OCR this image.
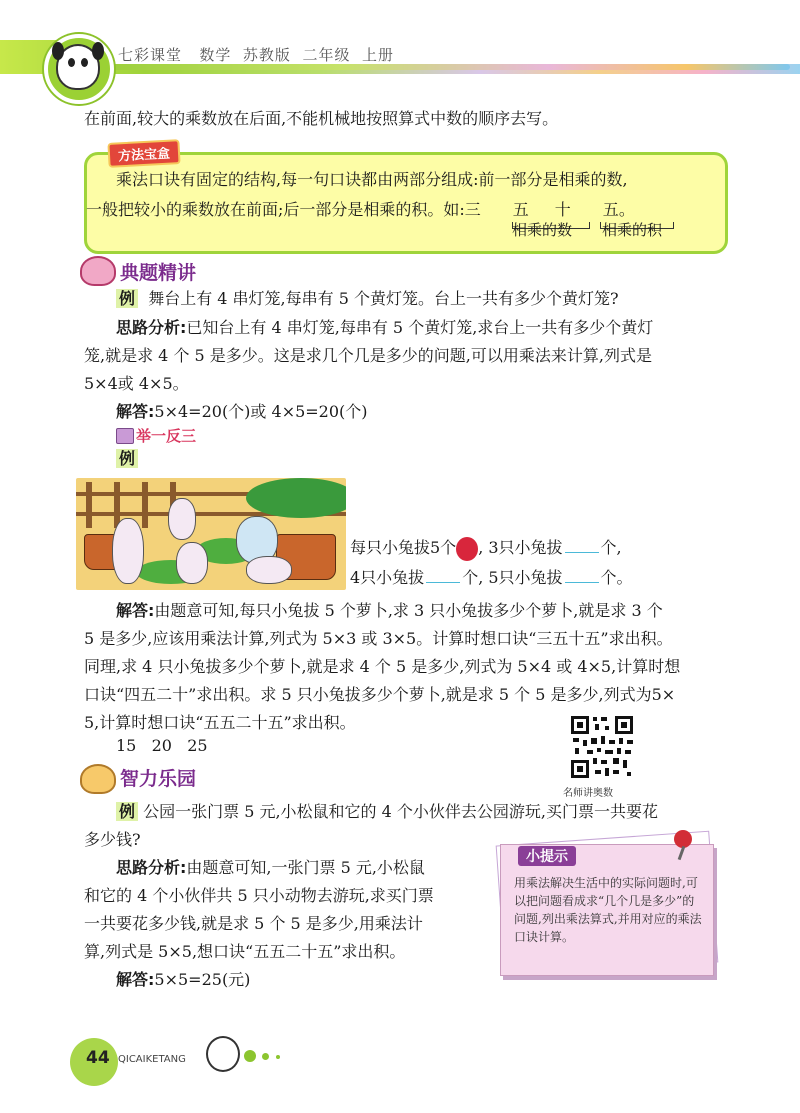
七彩课堂 数学 苏教版 二年级 上册
在前面,较大的乘数放在后面,不能机械地按照算式中数的顺序去写。
方法宝盒
乘法口诀有固定的结构,每一句口诀都由两部分组成:前一部分是相乘的数,
一般把较小的乘数放在前面;后一部分是相乘的积。如:三 五 十 五。
相乘的数 相乘的积
典题精讲
例 舞台上有 4 串灯笼,每串有 5 个黄灯笼。台上一共有多少个黄灯笼?
思路分析:已知台上有 4 串灯笼,每串有 5 个黄灯笼,求台上一共有多少个黄灯
笼,就是求 4 个 5 是多少。这是求几个几是多少的问题,可以用乘法来计算,列式是
5×4或 4×5。
解答:5×4=20(个)或 4×5=20(个)
举一反三
例
每只小兔拔5个 , 3只小兔拔 个,
4只小兔拔 个, 5只小兔拔 个。
解答:由题意可知,每只小兔拔 5 个萝卜,求 3 只小兔拔多少个萝卜,就是求 3 个
5 是多少,应该用乘法计算,列式为 5×3 或 3×5。计算时想口诀“三五十五”求出积。
同理,求 4 只小兔拔多少个萝卜,就是求 4 个 5 是多少,列式为 5×4 或 4×5,计算时想
口诀“四五二十”求出积。求 5 只小兔拔多少个萝卜,就是求 5 个 5 是多少,列式为5×
5,计算时想口诀“五五二十五”求出积。
15   20   25
名师讲奥数
智力乐园
例 公园一张门票 5 元,小松鼠和它的 4 个小伙伴去公园游玩,买门票一共要花
多少钱?
思路分析:由题意可知,一张门票 5 元,小松鼠
和它的 4 个小伙伴共 5 只小动物去游玩,求买门票
一共要花多少钱,就是求 5 个 5 是多少,用乘法计
算,列式是 5×5,想口诀“五五二十五”求出积。
解答:5×5=25(元)
小提示
用乘法解决生活中的实际问题时,可以把问题看成求“几个几是多少”的问题,列出乘法算式,并用对应的乘法口诀计算。
44 QICAIKETANG
